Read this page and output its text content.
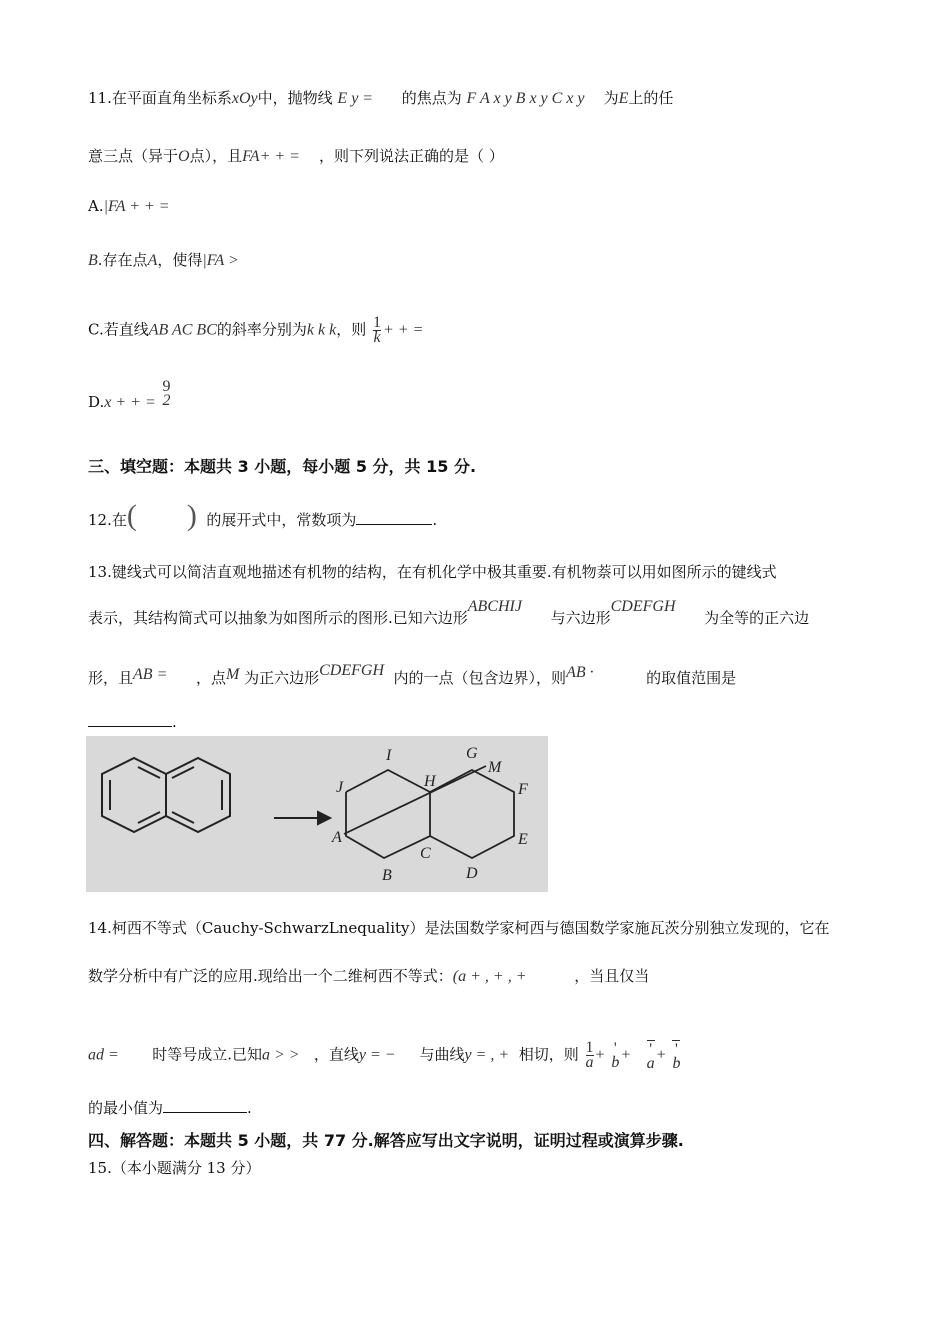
11.在平面直角坐标系xOy中，抛物线 E y = 的焦点为 F A x y B x y C x y 为E上的任
意三点（异于O点），且FA+ + = ，则下列说法正确的是（ ）
A.|FA + + =
B.存在点A，使得|FA >
C.若直线AB AC BC的斜率分别为k k k，则 $\frac{1}{k}$ + + =
D.x + + =
9
2
三、填空题：本题共 3 小题，每小题 5 分，共 15 分.
12.在( ) 的展开式中，常数项为	.
13.键线式可以简洁直观地描述有机物的结构，在有机化学中极其重要.有机物萘可以用如图所示的键线式
表示，其结构简式可以抽象为如图所示的图形.已知六边形ABCHIJ      与六边形CDEFGH      为全等的正六边
形，且AB = ，点M 为正六边形CDEFGH 内的一点（包含边界），则AB ·	的取值范围是
.
I	G
H
M
J	F
A
C
E
B	D
14.柯西不等式（Cauchy-SchwarzLnequality）是法国数学家柯西与德国数学家施瓦茨分别独立发现的，它在
数学分析中有广泛的应用.现给出一个二维柯西不等式：(a + , + , +	，当且仅当
ad = 时等号成立.已知a > > ，直线y = − 与曲线y = , + 相切，则 $\frac{1}{a}$ + '
b + '
a + '
b
的最小值为	.
四、解答题：本题共 5 小题，共 77 分.解答应写出文字说明，证明过程或演算步骤.
15.（本小题满分 13 分）
